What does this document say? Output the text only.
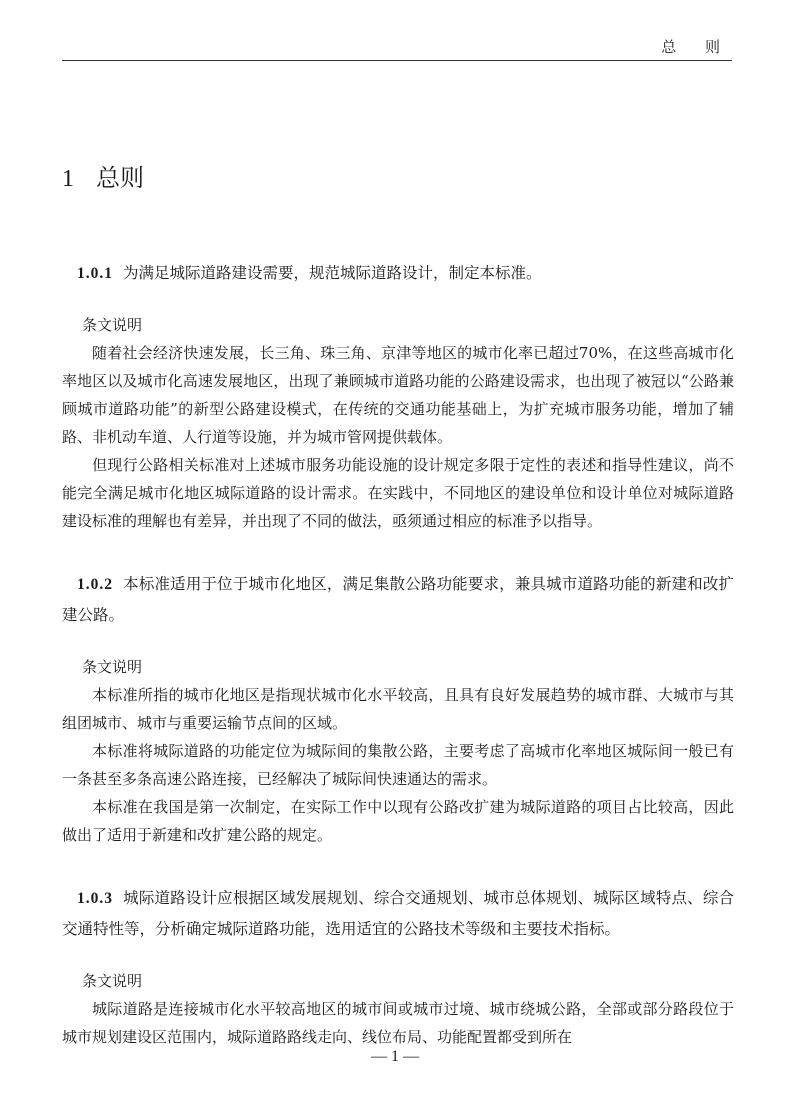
总 则
1 总则

1.0.1 为满足城际道路建设需要，规范城际道路设计，制定本标准。

条文说明

随着社会经济快速发展，长三角、珠三角、京津等地区的城市化率已超过70%，在这些高城市化率地区以及城市化高速发展地区，出现了兼顾城市道路功能的公路建设需求，也出现了被冠以“公路兼顾城市道路功能”的新型公路建设模式，在传统的交通功能基础上，为扩充城市服务功能，增加了辅路、非机动车道、人行道等设施，并为城市管网提供载体。

但现行公路相关标准对上述城市服务功能设施的设计规定多限于定性的表述和指导性建议，尚不能完全满足城市化地区城际道路的设计需求。在实践中，不同地区的建设单位和设计单位对城际道路建设标准的理解也有差异，并出现了不同的做法，亟须通过相应的标准予以指导。

1.0.2 本标准适用于位于城市化地区，满足集散公路功能要求，兼具城市道路功能的新建和改扩建公路。

条文说明

本标准所指的城市化地区是指现状城市化水平较高，且具有良好发展趋势的城市群、大城市与其组团城市、城市与重要运输节点间的区域。

本标准将城际道路的功能定位为城际间的集散公路，主要考虑了高城市化率地区城际间一般已有一条甚至多条高速公路连接，已经解决了城际间快速通达的需求。

本标准在我国是第一次制定，在实际工作中以现有公路改扩建为城际道路的项目占比较高，因此做出了适用于新建和改扩建公路的规定。

1.0.3 城际道路设计应根据区域发展规划、综合交通规划、城市总体规划、城际区域特点、综合交通特性等，分析确定城际道路功能，选用适宜的公路技术等级和主要技术指标。

条文说明

城际道路是连接城市化水平较高地区的城市间或城市过境、城市绕城公路，全部或部分路段位于城市规划建设区范围内，城际道路路线走向、线位布局、功能配置都受到所在

— 1 —
